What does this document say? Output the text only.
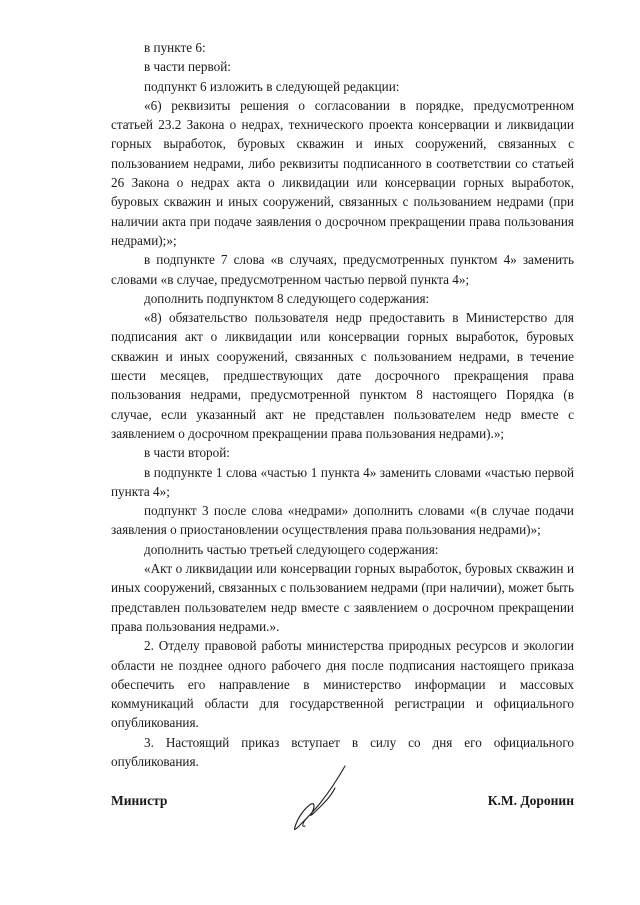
в пункте 6:

в части первой:

подпункт 6 изложить в следующей редакции:

«6) реквизиты решения о согласовании в порядке, предусмотренном статьей 23.2 Закона о недрах, технического проекта консервации и ликвидации горных выработок, буровых скважин и иных сооружений, связанных с пользованием недрами, либо реквизиты подписанного в соответствии со статьей 26 Закона о недрах акта о ликвидации или консервации горных выработок, буровых скважин и иных сооружений, связанных с пользованием недрами (при наличии акта при подаче заявления о досрочном прекращении права пользования недрами);»;

в подпункте 7 слова «в случаях, предусмотренных пунктом 4» заменить словами «в случае, предусмотренном частью первой пункта 4»;

дополнить подпунктом 8 следующего содержания:

«8) обязательство пользователя недр предоставить в Министерство для подписания акт о ликвидации или консервации горных выработок, буровых скважин и иных сооружений, связанных с пользованием недрами, в течение шести месяцев, предшествующих дате досрочного прекращения права пользования недрами, предусмотренной пунктом 8 настоящего Порядка (в случае, если указанный акт не представлен пользователем недр вместе с заявлением о досрочном прекращении права пользования недрами).»;

в части второй:

в подпункте 1 слова «частью 1 пункта 4» заменить словами «частью первой пункта 4»;

подпункт 3 после слова «недрами» дополнить словами «(в случае подачи заявления о приостановлении осуществления права пользования недрами)»;

дополнить частью третьей следующего содержания:

«Акт о ликвидации или консервации горных выработок, буровых скважин и иных сооружений, связанных с пользованием недрами (при наличии), может быть представлен пользователем недр вместе с заявлением о досрочном прекращении права пользования недрами.».

2. Отделу правовой работы министерства природных ресурсов и экологии области не позднее одного рабочего дня после подписания настоящего приказа обеспечить его направление в министерство информации и массовых коммуникаций области для государственной регистрации и официального опубликования.

3. Настоящий приказ вступает в силу со дня его официального опубликования.

Министр	К.М. Доронин
